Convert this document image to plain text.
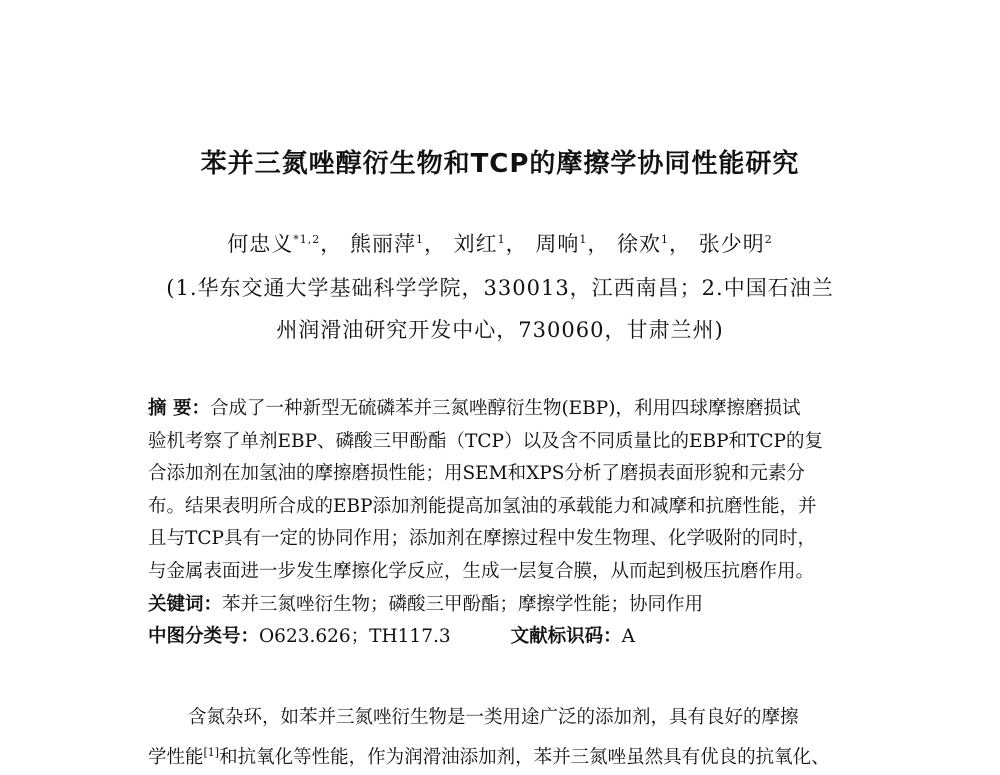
苯并三氮唑醇衍生物和TCP的摩擦学协同性能研究
何忠义$^{*1,2}$， 熊丽萍$^1$， 刘红$^1$， 周响$^1$， 徐欢$^1$， 张少明$^2$
(1.华东交通大学基础科学学院，330013，江西南昌；2.中国石油兰
州润滑油研究开发中心，730060，甘肃兰州)
摘 要：合成了一种新型无硫磷苯并三氮唑醇衍生物(EBP)，利用四球摩擦磨损试
验机考察了单剂EBP、磷酸三甲酚酯（TCP）以及含不同质量比的EBP和TCP的复
合添加剂在加氢油的摩擦磨损性能；用SEM和XPS分析了磨损表面形貌和元素分
布。结果表明所合成的EBP添加剂能提高加氢油的承载能力和减摩和抗磨性能，并
且与TCP具有一定的协同作用；添加剂在摩擦过程中发生物理、化学吸附的同时，
与金属表面进一步发生摩擦化学反应，生成一层复合膜，从而起到极压抗磨作用。
关键词：苯并三氮唑衍生物；磷酸三甲酚酯；摩擦学性能；协同作用
中图分类号：O623.626；TH117.3	文献标识码：A
含氮杂环，如苯并三氮唑衍生物是一类用途广泛的添加剂，具有良好的摩擦
学性能[1]和抗氧化等性能，作为润滑油添加剂，苯并三氮唑虽然具有优良的抗氧化、
